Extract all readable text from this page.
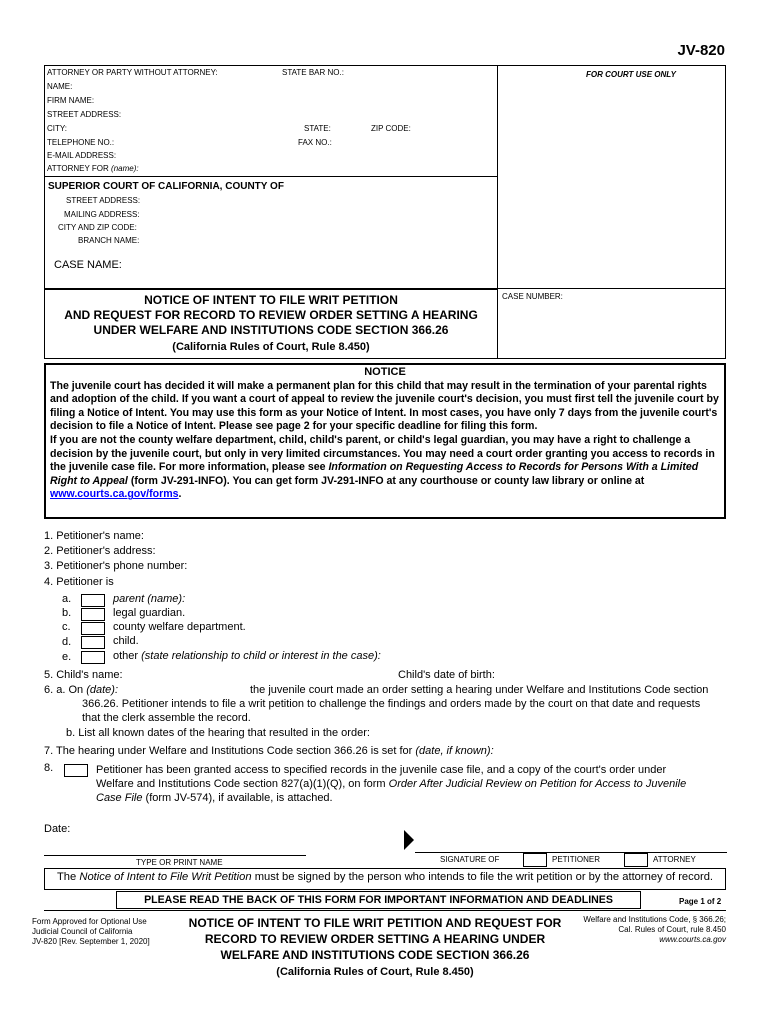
JV-820
ATTORNEY OR PARTY WITHOUT ATTORNEY:	STATE BAR NO.:	FOR COURT USE ONLY
NAME:
FIRM NAME:
STREET ADDRESS:
CITY:	STATE:	ZIP CODE:
TELEPHONE NO.:	FAX NO.:
E-MAIL ADDRESS:
ATTORNEY FOR (name):
SUPERIOR COURT OF CALIFORNIA, COUNTY OF
STREET ADDRESS:
MAILING ADDRESS:
CITY AND ZIP CODE:
BRANCH NAME:
CASE NAME:
CASE NUMBER:
NOTICE OF INTENT TO FILE WRIT PETITION
AND REQUEST FOR RECORD TO REVIEW ORDER SETTING A HEARING
UNDER WELFARE AND INSTITUTIONS CODE SECTION 366.26
(California Rules of Court, Rule 8.450)
NOTICE

The juvenile court has decided it will make a permanent plan for this child that may result in the termination of your parental rights and adoption of the child. If you want a court of appeal to review the juvenile court's decision, you must first tell the juvenile court by filing a Notice of Intent. You may use this form as your Notice of Intent. In most cases, you have only 7 days from the juvenile court's decision to file a Notice of Intent. Please see page 2 for your specific deadline for filing this form.

If you are not the county welfare department, child, child's parent, or child's legal guardian, you may have a right to challenge a decision by the juvenile court, but only in very limited circumstances. You may need a court order granting you access to records in the juvenile case file. For more information, please see Information on Requesting Access to Records for Persons With a Limited Right to Appeal (form JV-291-INFO). You can get form JV-291-INFO at any courthouse or county law library or online at www.courts.ca.gov/forms.

1. Petitioner's name:
2. Petitioner's address:
3. Petitioner's phone number:
4. Petitioner is
a.	parent (name):
b.	legal guardian.
c.	county welfare department.
d.	child.
e.	other (state relationship to child or interest in the case):
5. Child's name:	Child's date of birth:
6. a. On (date):	the juvenile court made an order setting a hearing under Welfare and Institutions Code section
366.26. Petitioner intends to file a writ petition to challenge the findings and orders made by the court on that date and requests
that the clerk assemble the record.
b. List all known dates of the hearing that resulted in the order:
7. The hearing under Welfare and Institutions Code section 366.26 is set for (date, if known):
8.	Petitioner has been granted access to specified records in the juvenile case file, and a copy of the court's order under
Welfare and Institutions Code section 827(a)(1)(Q), on form Order After Judicial Review on Petition for Access to Juvenile
Case File (form JV-574), if available, is attached.
Date:
TYPE OR PRINT NAME	SIGNATURE OF	PETITIONER	ATTORNEY
The Notice of Intent to File Writ Petition must be signed by the person who intends to file the writ petition or by the attorney of record.
PLEASE READ THE BACK OF THIS FORM FOR IMPORTANT INFORMATION AND DEADLINES	Page 1 of 2
Form Approved for Optional Use
Judicial Council of California
JV-820 [Rev. September 1, 2020]
NOTICE OF INTENT TO FILE WRIT PETITION AND REQUEST FOR
RECORD TO REVIEW ORDER SETTING A HEARING UNDER
WELFARE AND INSTITUTIONS CODE SECTION 366.26
(California Rules of Court, Rule 8.450)
Welfare and Institutions Code, § 366.26;
Cal. Rules of Court, rule 8.450
www.courts.ca.gov
